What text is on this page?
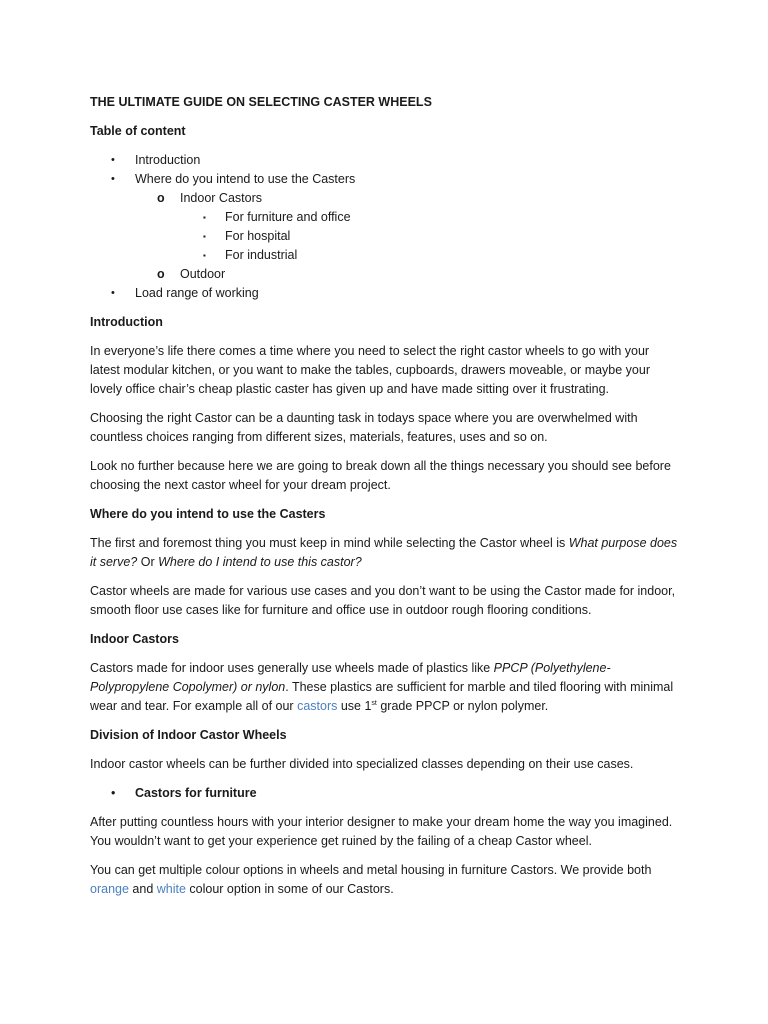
THE ULTIMATE GUIDE ON SELECTING CASTER WHEELS
Table of content
• Introduction
• Where do you intend to use the Casters
o Indoor Castors
▪ For furniture and office
▪ For hospital
▪ For industrial
o Outdoor
• Load range of working
Introduction

In everyone’s life there comes a time where you need to select the right castor wheels to go with your latest modular kitchen, or you want to make the tables, cupboards, drawers moveable, or maybe your lovely office chair’s cheap plastic caster has given up and have made sitting over it frustrating.

Choosing the right Castor can be a daunting task in todays space where you are overwhelmed with countless choices ranging from different sizes, materials, features, uses and so on.

Look no further because here we are going to break down all the things necessary you should see before choosing the next castor wheel for your dream project.

Where do you intend to use the Casters

The first and foremost thing you must keep in mind while selecting the Castor wheel is What purpose does it serve? Or Where do I intend to use this castor?

Castor wheels are made for various use cases and you don’t want to be using the Castor made for indoor, smooth floor use cases like for furniture and office use in outdoor rough flooring conditions.

Indoor Castors

Castors made for indoor uses generally use wheels made of plastics like PPCP (Polyethylene-Polypropylene Copolymer) or nylon. These plastics are sufficient for marble and tiled flooring with minimal wear and tear. For example all of our castors use 1st grade PPCP or nylon polymer.

Division of Indoor Castor Wheels

Indoor castor wheels can be further divided into specialized classes depending on their use cases.

• Castors for furniture

After putting countless hours with your interior designer to make your dream home the way you imagined. You wouldn’t want to get your experience get ruined by the failing of a cheap Castor wheel.

You can get multiple colour options in wheels and metal housing in furniture Castors. We provide both orange and white colour option in some of our Castors.
